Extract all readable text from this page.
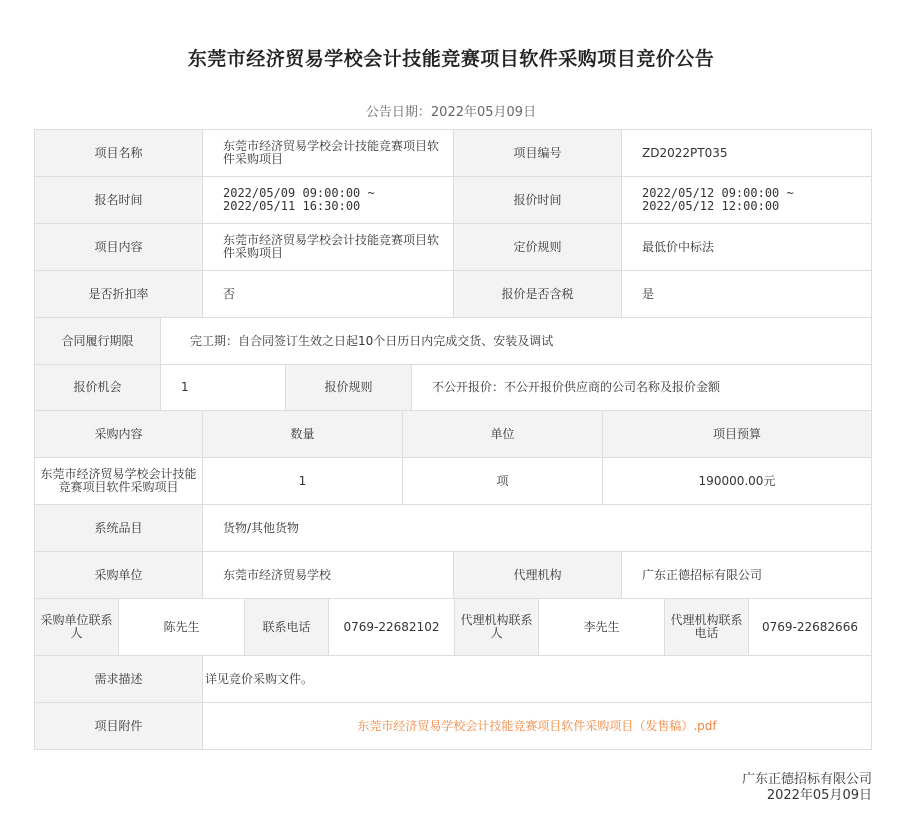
东莞市经济贸易学校会计技能竞赛项目软件采购项目竞价公告
公告日期：2022年05月09日
项目名称	东莞市经济贸易学校会计技能竞赛项目软件采购项目	项目编号	ZD2022PT035
报名时间	2022/05/09 09:00:00 ~ 2022/05/11 16:30:00	报价时间	2022/05/12 09:00:00 ~ 2022/05/12 12:00:00
项目内容	东莞市经济贸易学校会计技能竞赛项目软件采购项目	定价规则	最低价中标法
是否折扣率	否	报价是否含税	是
合同履行期限	完工期：自合同签订生效之日起10个日历日内完成交货、安装及调试
报价机会	1	报价规则	不公开报价：不公开报价供应商的公司名称及报价金额
采购内容	数量	单位	项目预算
东莞市经济贸易学校会计技能竞赛项目软件采购项目	1	项	190000.00元
系统品目	货物/其他货物
采购单位	东莞市经济贸易学校	代理机构	广东正德招标有限公司
采购单位联系人	陈先生	联系电话	0769-22682102	代理机构联系人	李先生	代理机构联系电话	0769-22682666
需求描述	详见竞价采购文件。
项目附件	东莞市经济贸易学校会计技能竞赛项目软件采购项目（发售稿）.pdf
广东正德招标有限公司
2022年05月09日
